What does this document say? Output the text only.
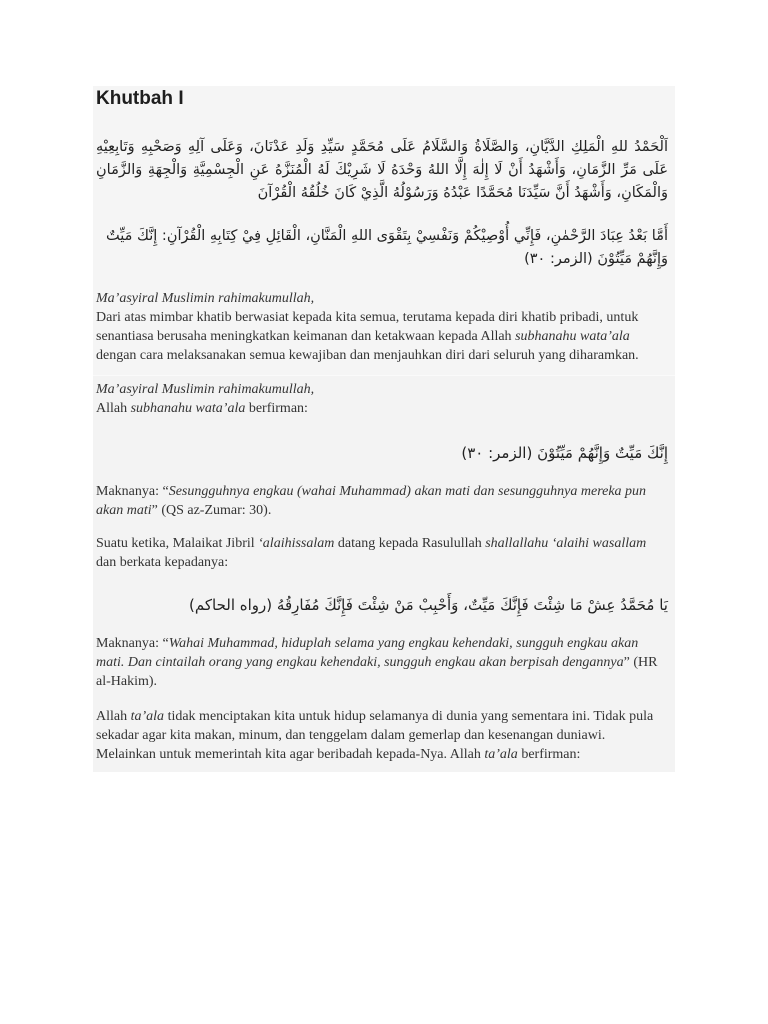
Khutbah I

اَلْحَمْدُ للهِ الْمَلِكِ الدَّيَّانِ، وَالصَّلَاةُ وَالسَّلَامُ عَلَى مُحَمَّدٍ سَيِّدِ وَلَدِ عَدْنَانَ، وَعَلَى آلِهِ وَصَحْبِهِ وَتَابِعِيْهِ عَلَى مَرِّ الزَّمَانِ، وَأَشْهَدُ أَنْ لَا إِلٰهَ إِلَّا اللهُ وَحْدَهُ لَا شَرِيْكَ لَهُ الْمُنَزَّهُ عَنِ الْجِسْمِيَّةِ وَالْجِهَةِ وَالزَّمَانِ وَالْمَكَانِ، وَأَشْهَدُ أَنَّ سَيِّدَنَا مُحَمَّدًا عَبْدُهُ وَرَسُوْلُهُ الَّذِيْ كَانَ خُلُقُهُ الْقُرْآنَ

أَمَّا بَعْدُ عِبَادَ الرَّحْمٰنِ، فَإِنِّي أُوْصِيْكُمْ وَنَفْسِيْ بِتَقْوَى اللهِ الْمَنَّانِ، الْقَائِلِ فِيْ كِتَابِهِ الْقُرْآنِ: إِنَّكَ مَيِّتٌ وَإِنَّهُمْ مَيِّتُوْنَ (الزمر: ٣٠)

Ma’asyiral Muslimin rahimakumullah,

Dari atas mimbar khatib berwasiat kepada kita semua, terutama kepada diri khatib pribadi, untuk senantiasa berusaha meningkatkan keimanan dan ketakwaan kepada Allah subhanahu wata’ala dengan cara melaksanakan semua kewajiban dan menjauhkan diri dari seluruh yang diharamkan.

Ma’asyiral Muslimin rahimakumullah,

Allah subhanahu wata’ala berfirman:

إِنَّكَ مَيِّتٌ وَإِنَّهُمْ مَيِّتُوْنَ (الزمر: ٣٠)

Maknanya: “Sesungguhnya engkau (wahai Muhammad) akan mati dan sesungguhnya mereka pun akan mati” (QS az-Zumar: 30).

Suatu ketika, Malaikat Jibril ‘alaihissalam datang kepada Rasulullah shallallahu ‘alaihi wasallam dan berkata kepadanya:

يَا مُحَمَّدُ عِشْ مَا شِئْتَ فَإِنَّكَ مَيِّتٌ، وَأَحْبِبْ مَنْ شِئْتَ فَإِنَّكَ مُفَارِقُهُ (رواه الحاكم)

Maknanya: “Wahai Muhammad, hiduplah selama yang engkau kehendaki, sungguh engkau akan mati. Dan cintailah orang yang engkau kehendaki, sungguh engkau akan berpisah dengannya” (HR al-Hakim).

Allah ta’ala tidak menciptakan kita untuk hidup selamanya di dunia yang sementara ini. Tidak pula sekadar agar kita makan, minum, dan tenggelam dalam gemerlap dan kesenangan duniawi. Melainkan untuk memerintah kita agar beribadah kepada-Nya. Allah ta’ala berfirman:
